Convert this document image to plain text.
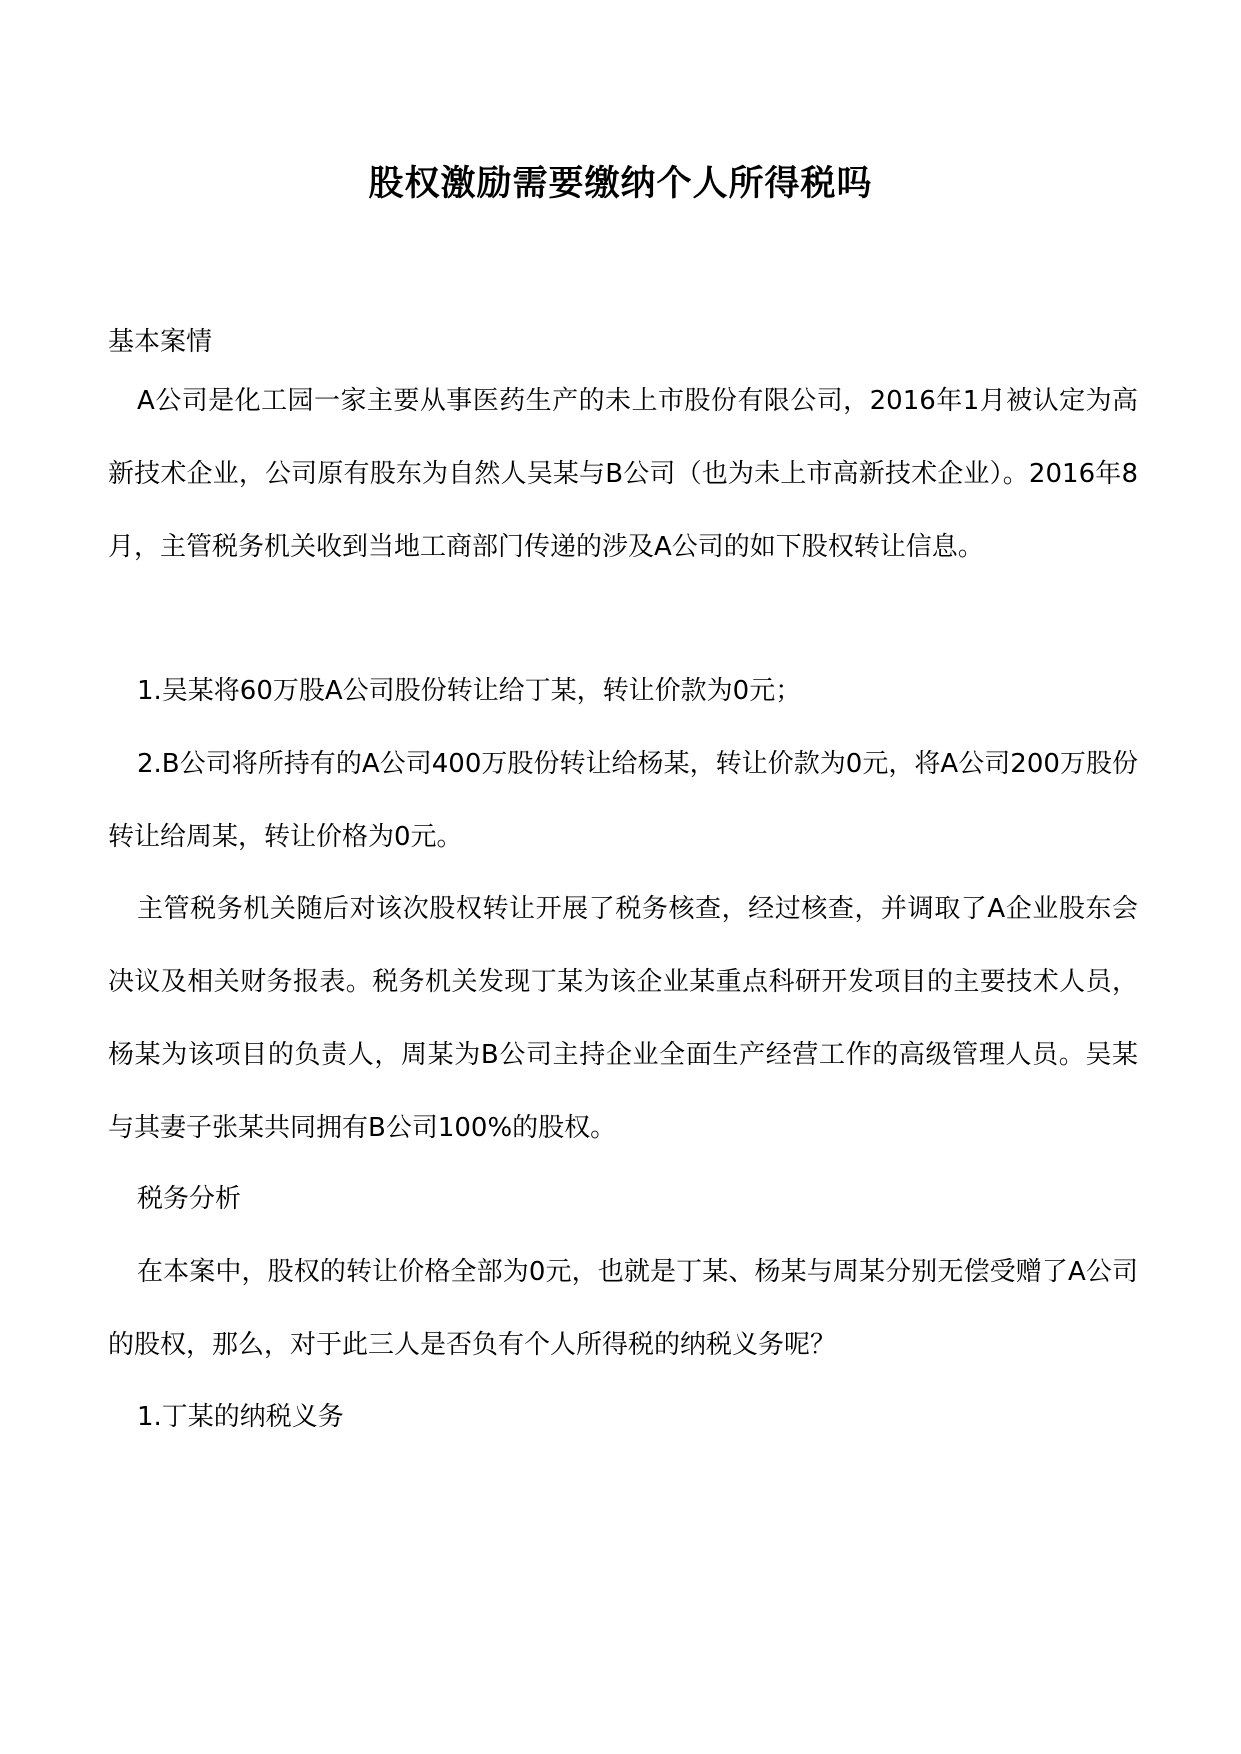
股权激励需要缴纳个人所得税吗

基本案情

A公司是化工园一家主要从事医药生产的未上市股份有限公司，2016年1月被认定为高新技术企业，公司原有股东为自然人吴某与B公司（也为未上市高新技术企业）。2016年8月，主管税务机关收到当地工商部门传递的涉及A公司的如下股权转让信息。

1.吴某将60万股A公司股份转让给丁某，转让价款为0元；

2.B公司将所持有的A公司400万股份转让给杨某，转让价款为0元，将A公司200万股份转让给周某，转让价格为0元。

主管税务机关随后对该次股权转让开展了税务核查，经过核查，并调取了A企业股东会决议及相关财务报表。税务机关发现丁某为该企业某重点科研开发项目的主要技术人员，杨某为该项目的负责人，周某为B公司主持企业全面生产经营工作的高级管理人员。吴某与其妻子张某共同拥有B公司100%的股权。

税务分析

在本案中，股权的转让价格全部为0元，也就是丁某、杨某与周某分别无偿受赠了A公司的股权，那么，对于此三人是否负有个人所得税的纳税义务呢？

1.丁某的纳税义务
